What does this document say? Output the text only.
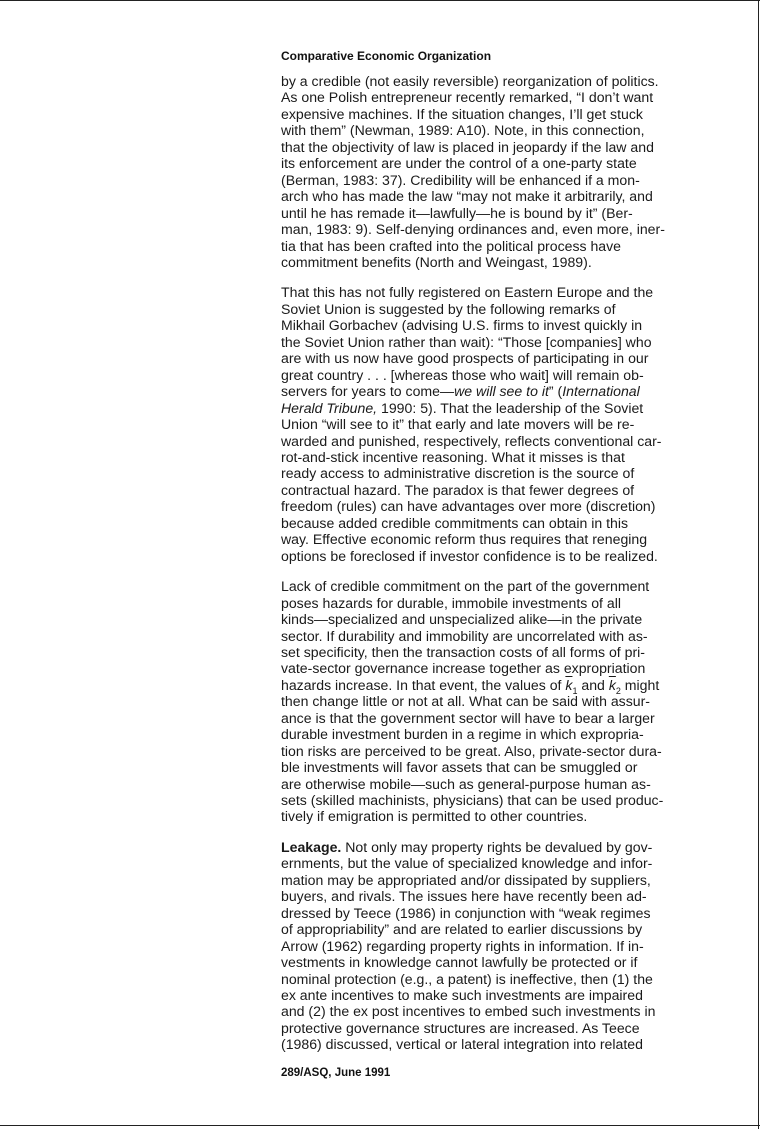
Comparative Economic Organization
by a credible (not easily reversible) reorganization of politics.
As one Polish entrepreneur recently remarked, “I don’t want
expensive machines. If the situation changes, I’ll get stuck
with them” (Newman, 1989: A10). Note, in this connection,
that the objectivity of law is placed in jeopardy if the law and
its enforcement are under the control of a one-party state
(Berman, 1983: 37). Credibility will be enhanced if a mon-
arch who has made the law “may not make it arbitrarily, and
until he has remade it—lawfully—he is bound by it” (Ber-
man, 1983: 9). Self-denying ordinances and, even more, iner-
tia that has been crafted into the political process have
commitment benefits (North and Weingast, 1989).
That this has not fully registered on Eastern Europe and the
Soviet Union is suggested by the following remarks of
Mikhail Gorbachev (advising U.S. firms to invest quickly in
the Soviet Union rather than wait): “Those [companies] who
are with us now have good prospects of participating in our
great country . . . [whereas those who wait] will remain ob-
servers for years to come—we will see to it” (International
Herald Tribune, 1990: 5). That the leadership of the Soviet
Union “will see to it” that early and late movers will be re-
warded and punished, respectively, reflects conventional car-
rot-and-stick incentive reasoning. What it misses is that
ready access to administrative discretion is the source of
contractual hazard. The paradox is that fewer degrees of
freedom (rules) can have advantages over more (discretion)
because added credible commitments can obtain in this
way. Effective economic reform thus requires that reneging
options be foreclosed if investor confidence is to be realized.
Lack of credible commitment on the part of the government
poses hazards for durable, immobile investments of all
kinds—specialized and unspecialized alike—in the private
sector. If durability and immobility are uncorrelated with as-
set specificity, then the transaction costs of all forms of pri-
vate-sector governance increase together as expropriation
hazards increase. In that event, the values of $\overline{k}_1$ and $\overline{k}_2$ might
then change little or not at all. What can be said with assur-
ance is that the government sector will have to bear a larger
durable investment burden in a regime in which expropria-
tion risks are perceived to be great. Also, private-sector dura-
ble investments will favor assets that can be smuggled or
are otherwise mobile—such as general-purpose human as-
sets (skilled machinists, physicians) that can be used produc-
tively if emigration is permitted to other countries.
Leakage. Not only may property rights be devalued by gov-
ernments, but the value of specialized knowledge and infor-
mation may be appropriated and/or dissipated by suppliers,
buyers, and rivals. The issues here have recently been ad-
dressed by Teece (1986) in conjunction with “weak regimes
of appropriability” and are related to earlier discussions by
Arrow (1962) regarding property rights in information. If in-
vestments in knowledge cannot lawfully be protected or if
nominal protection (e.g., a patent) is ineffective, then (1) the
ex ante incentives to make such investments are impaired
and (2) the ex post incentives to embed such investments in
protective governance structures are increased. As Teece
(1986) discussed, vertical or lateral integration into related
289/ASQ, June 1991
